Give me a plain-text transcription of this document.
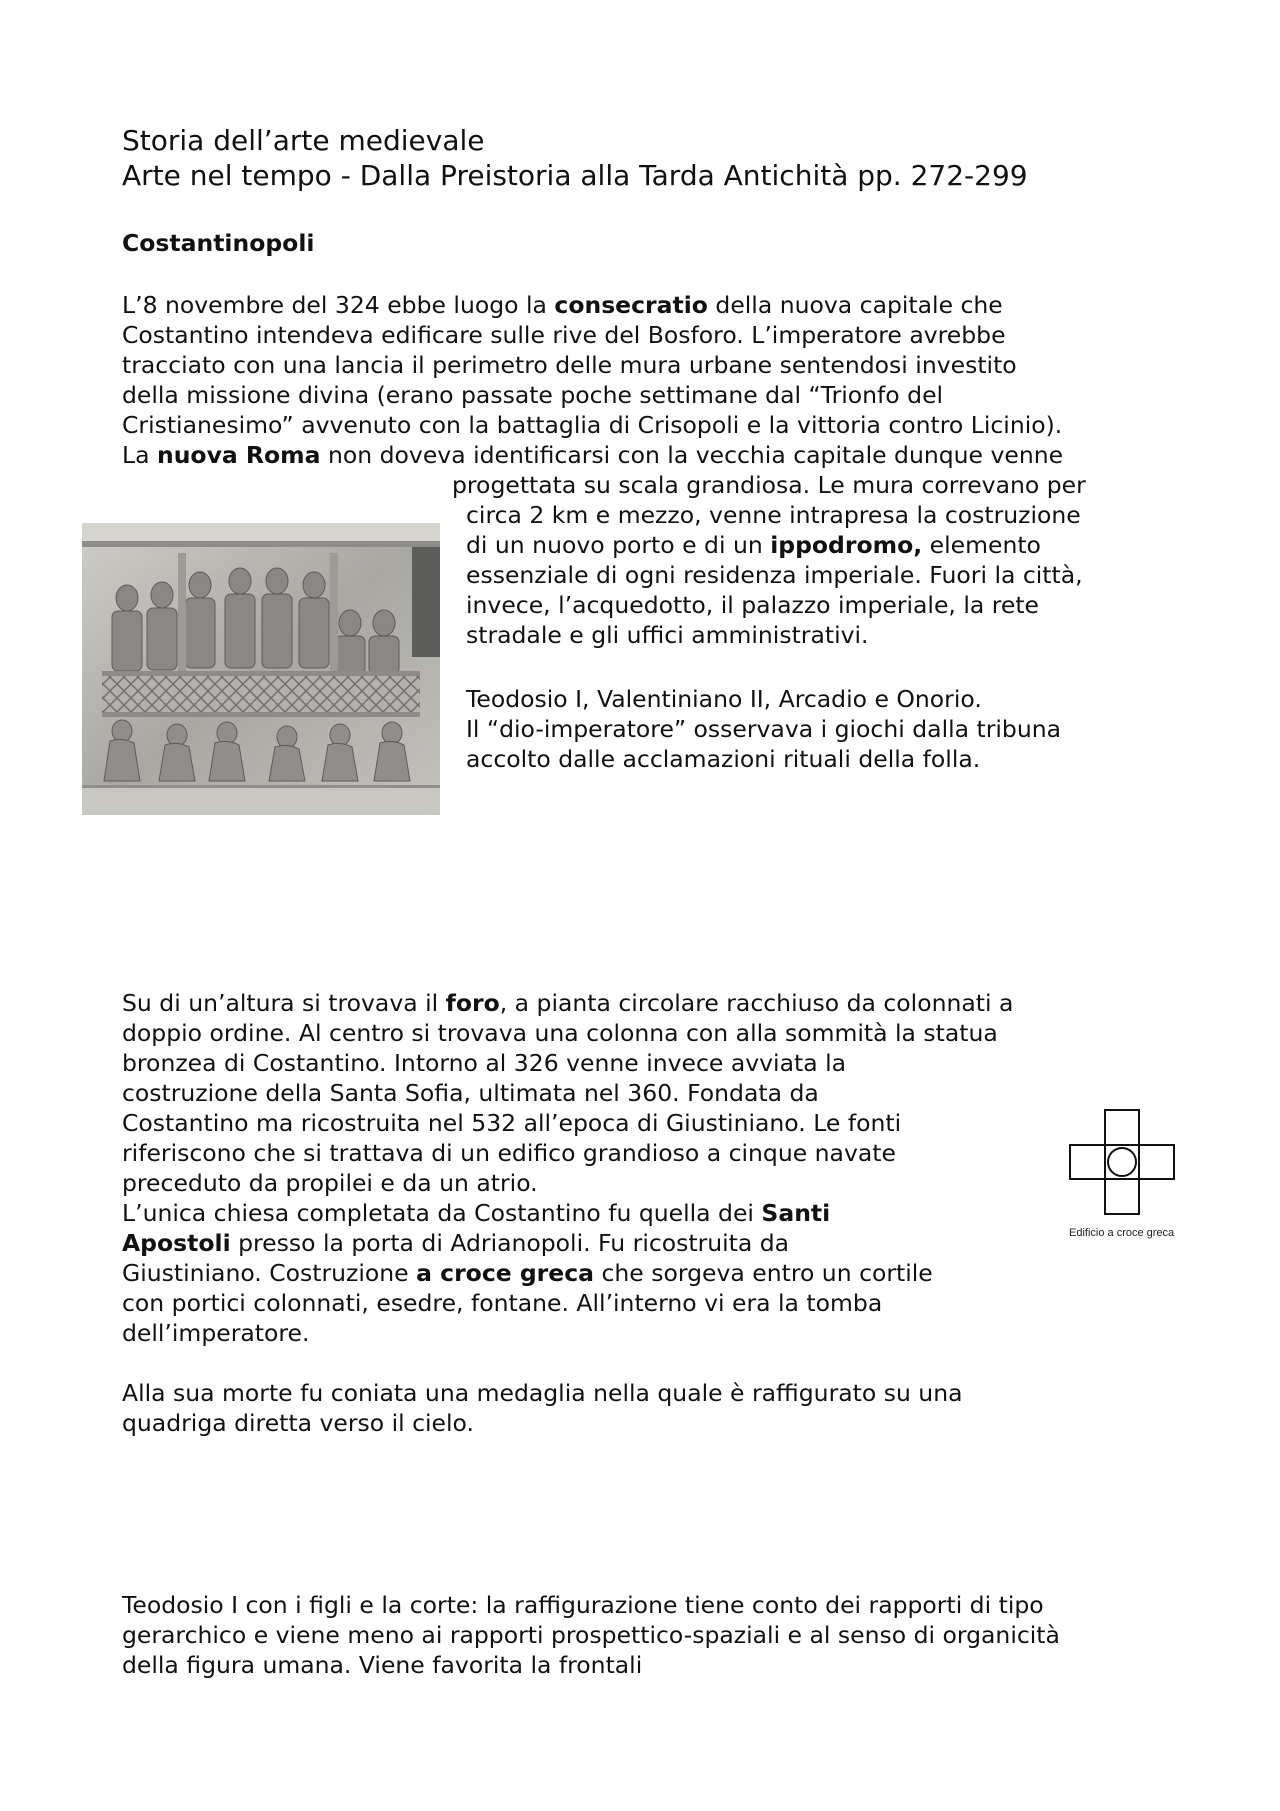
Storia dell’arte medievale
Arte nel tempo - Dalla Preistoria alla Tarda Antichità pp. 272-299
Costantinopoli
L’8 novembre del 324 ebbe luogo la consecratio della nuova capitale che
Costantino intendeva edificare sulle rive del Bosforo. L’imperatore avrebbe
tracciato con una lancia il perimetro delle mura urbane sentendosi investito
della missione divina (erano passate poche settimane dal “Trionfo del
Cristianesimo” avvenuto con la battaglia di Crisopoli e la vittoria contro Licinio).
La nuova Roma non doveva identificarsi con la vecchia capitale dunque venne
progettata su scala grandiosa. Le mura correvano per
circa 2 km e mezzo, venne intrapresa la costruzione
di un nuovo porto e di un ippodromo, elemento
essenziale di ogni residenza imperiale. Fuori la città,
invece, l’acquedotto, il palazzo imperiale, la rete
stradale e gli uffici amministrativi.
Teodosio I, Valentiniano II, Arcadio e Onorio.
Il “dio-imperatore” osservava i giochi dalla tribuna
accolto dalle acclamazioni rituali della folla.
Su di un’altura si trovava il foro, a pianta circolare racchiuso da colonnati a
doppio ordine. Al centro si trovava una colonna con alla sommità la statua
bronzea di Costantino. Intorno al 326 venne invece avviata la
costruzione della Santa Sofia, ultimata nel 360. Fondata da
Costantino ma ricostruita nel 532 all’epoca di Giustiniano. Le fonti
riferiscono che si trattava di un edifico grandioso a cinque navate
preceduto da propilei e da un atrio.
L’unica chiesa completata da Costantino fu quella dei Santi
Apostoli presso la porta di Adrianopoli. Fu ricostruita da
Giustiniano. Costruzione a croce greca che sorgeva entro un cortile
con portici colonnati, esedre, fontane. All’interno vi era la tomba
dell’imperatore.
Edificio a croce greca
Alla sua morte fu coniata una medaglia nella quale è raffigurato su una
quadriga diretta verso il cielo.
Teodosio I con i figli e la corte: la raffigurazione tiene conto dei rapporti di tipo
gerarchico e viene meno ai rapporti prospettico-spaziali e al senso di organicità
della figura umana. Viene favorita la frontali
